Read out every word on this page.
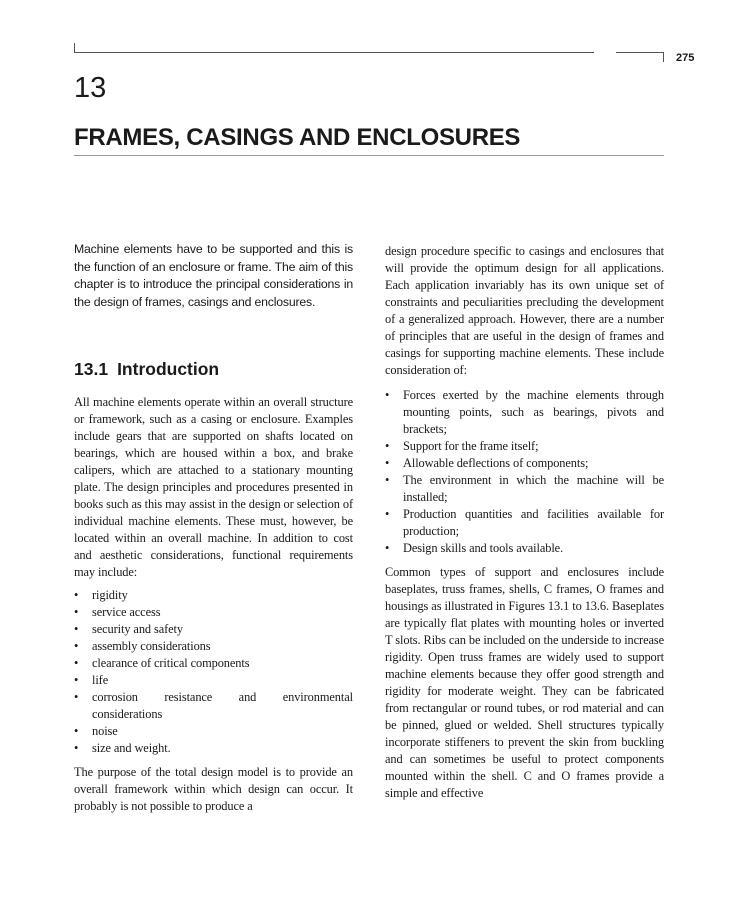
275
13
FRAMES, CASINGS AND ENCLOSURES

Machine elements have to be supported and this is the function of an enclosure or frame. The aim of this chapter is to introduce the principal considerations in the design of frames, casings and enclosures.

13.1 Introduction

All machine elements operate within an overall structure or framework, such as a casing or enclosure. Examples include gears that are supported on shafts located on bearings, which are housed within a box, and brake calipers, which are attached to a stationary mounting plate. The design principles and procedures presented in books such as this may assist in the design or selection of individual machine elements. These must, however, be located within an overall machine. In addition to cost and aesthetic considerations, functional requirements may include:

• rigidity
• service access
• security and safety
• assembly considerations
• clearance of critical components
• life
• corrosion resistance and environmental considerations
• noise
• size and weight.

The purpose of the total design model is to provide an overall framework within which design can occur. It probably is not possible to produce a

design procedure specific to casings and enclosures that will provide the optimum design for all applications. Each application invariably has its own unique set of constraints and peculiarities precluding the development of a generalized approach. However, there are a number of principles that are useful in the design of frames and casings for supporting machine elements. These include consideration of:

• Forces exerted by the machine elements through mounting points, such as bearings, pivots and brackets;
• Support for the frame itself;
• Allowable deflections of components;
• The environment in which the machine will be installed;
• Production quantities and facilities available for production;
• Design skills and tools available.

Common types of support and enclosures include baseplates, truss frames, shells, C frames, O frames and housings as illustrated in Figures 13.1 to 13.6. Baseplates are typically flat plates with mounting holes or inverted T slots. Ribs can be included on the underside to increase rigidity. Open truss frames are widely used to support machine elements because they offer good strength and rigidity for moderate weight. They can be fabricated from rectangular or round tubes, or rod material and can be pinned, glued or welded. Shell structures typically incorporate stiffeners to prevent the skin from buckling and can sometimes be useful to protect components mounted within the shell. C and O frames provide a simple and effective
